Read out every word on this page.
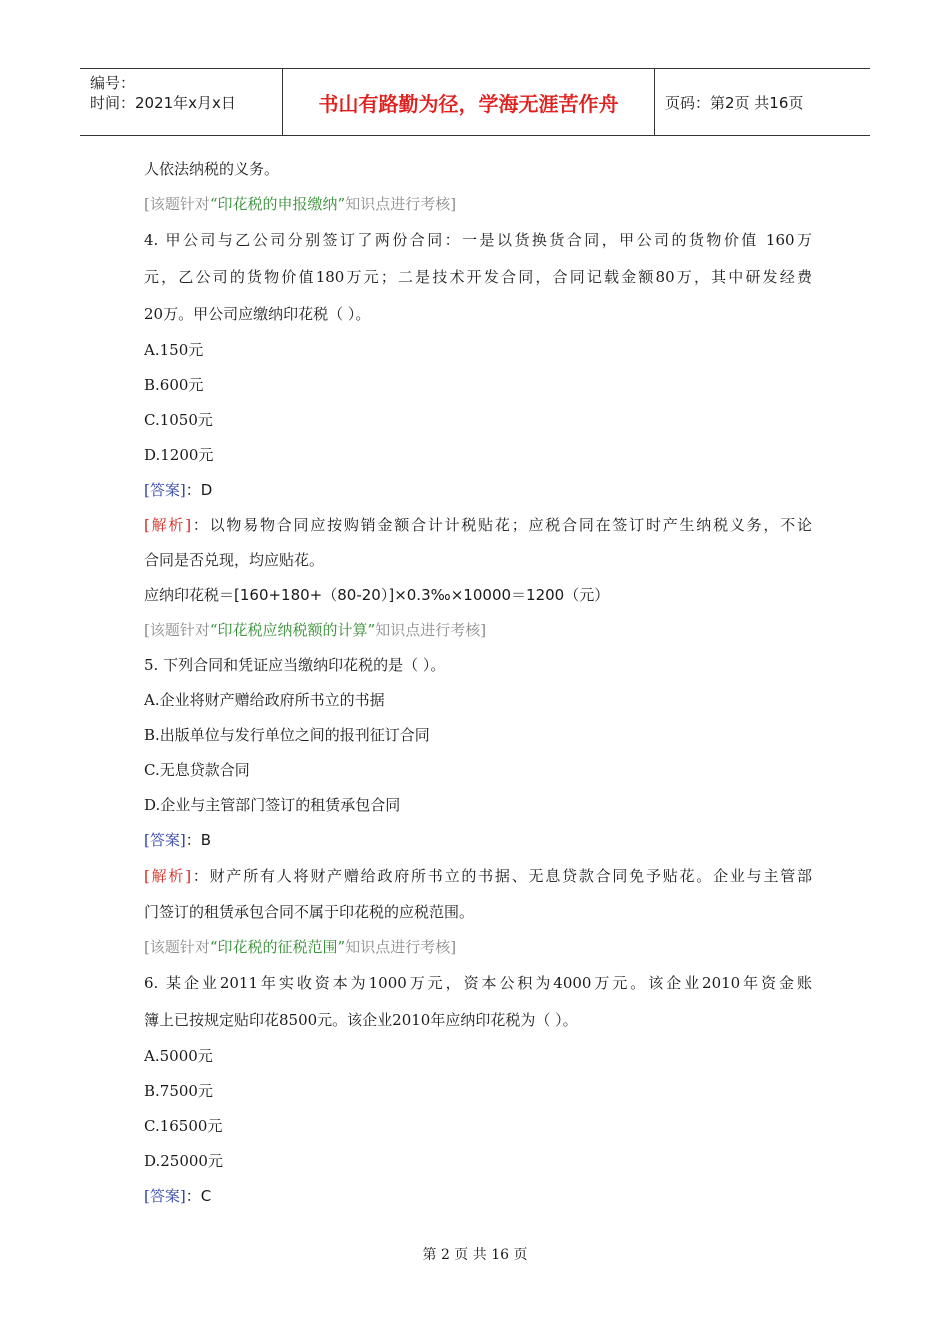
编号：
时间：2021年x月x日	书山有路勤为径，学海无涯苦作舟	页码：第2页 共16页
人依法纳税的义务。
[该题针对“印花税的申报缴纳”知识点进行考核]
4. 甲公司与乙公司分别签订了两份合同：一是以货换货合同，甲公司的货物价值 160万
元，乙公司的货物价值180万元；二是技术开发合同，合同记载金额80万，其中研发经费
20万。甲公司应缴纳印花税（ ）。
A.150元
B.600元
C.1050元
D.1200元
[答案]：D
[解析]：以物易物合同应按购销金额合计计税贴花；应税合同在签订时产生纳税义务，不论
合同是否兑现，均应贴花。
应纳印花税＝[160+180+（80-20）]×0.3‰×10000＝1200（元）
[该题针对“印花税应纳税额的计算”知识点进行考核]
5. 下列合同和凭证应当缴纳印花税的是（ ）。
A.企业将财产赠给政府所书立的书据
B.出版单位与发行单位之间的报刊征订合同
C.无息贷款合同
D.企业与主管部门签订的租赁承包合同
[答案]：B
[解析]：财产所有人将财产赠给政府所书立的书据、无息贷款合同免予贴花。企业与主管部
门签订的租赁承包合同不属于印花税的应税范围。
[该题针对“印花税的征税范围”知识点进行考核]
6. 某企业2011年实收资本为1000万元，资本公积为4000万元。该企业2010年资金账
簿上已按规定贴印花8500元。该企业2010年应纳印花税为（ ）。
A.5000元
B.7500元
C.16500元
D.25000元
[答案]：C
第 2 页 共 16 页
